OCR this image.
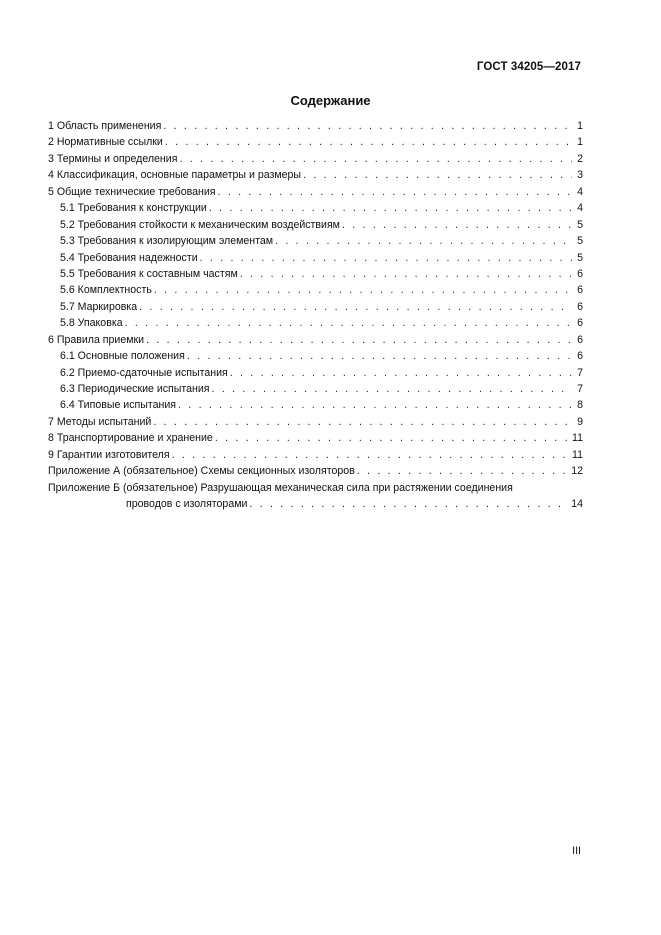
ГОСТ 34205—2017
Содержание
1 Область применения . . .	1
2 Нормативные ссылки . . .	1
3 Термины и определения . . .	2
4 Классификация, основные параметры и размеры . . .	3
5 Общие технические требования . . .	4
5.1 Требования к конструкции . . .	4
5.2 Требования стойкости к механическим воздействиям . . .	5
5.3 Требования к изолирующим элементам . . .	5
5.4 Требования надежности . . .	5
5.5 Требования к составным частям . . .	6
5.6 Комплектность . . .	6
5.7 Маркировка . . .	6
5.8 Упаковка . . .	6
6 Правила приемки . . .	6
6.1 Основные положения . . .	6
6.2 Приемо-сдаточные испытания . . .	7
6.3 Периодические испытания . . .	7
6.4 Типовые испытания . . .	8
7 Методы испытаний . . .	9
8 Транспортирование и хранение . . .	11
9 Гарантии изготовителя . . .	11
Приложение А (обязательное) Схемы секционных изоляторов . . .	12
Приложение Б (обязательное) Разрушающая механическая сила при растяжении соединения
проводов с изоляторами . . .	14
III
